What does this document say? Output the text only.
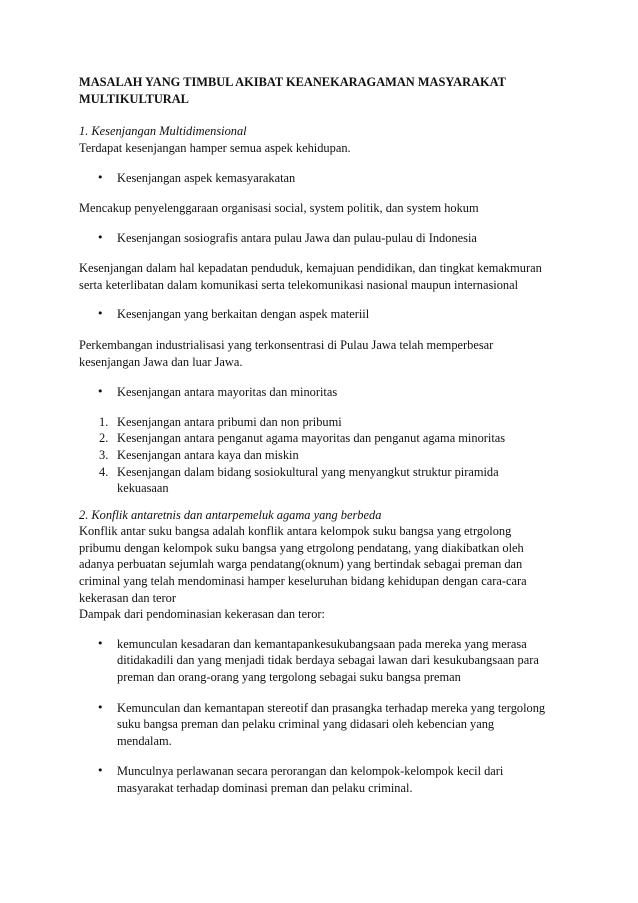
MASALAH YANG TIMBUL AKIBAT KEANEKARAGAMAN MASYARAKAT
MULTIKULTURAL

1. Kesenjangan Multidimensional

Terdapat kesenjangan hamper semua aspek kehidupan.

• Kesenjangan aspek kemasyarakatan

Mencakup penyelenggaraan organisasi social, system politik, dan system hokum

• Kesenjangan sosiografis antara pulau Jawa dan pulau-pulau di Indonesia

Kesenjangan dalam hal kepadatan penduduk, kemajuan pendidikan, dan tingkat kemakmuran
serta keterlibatan dalam komunikasi serta telekomunikasi nasional maupun internasional

• Kesenjangan yang berkaitan dengan aspek materiil

Perkembangan industrialisasi yang terkonsentrasi di Pulau Jawa telah memperbesar
kesenjangan Jawa dan luar Jawa.

• Kesenjangan antara mayoritas dan minoritas
1. Kesenjangan antara pribumi dan non pribumi
2. Kesenjangan antara penganut agama mayoritas dan penganut agama minoritas
3. Kesenjangan antara kaya dan miskin
4. Kesenjangan dalam bidang sosiokultural yang menyangkut struktur piramida
kekuasaan

2. Konflik antaretnis dan antarpemeluk agama yang berbeda

Konflik antar suku bangsa adalah konflik antara kelompok suku bangsa yang etrgolong
pribumu dengan kelompok suku bangsa yang etrgolong pendatang, yang diakibatkan oleh
adanya perbuatan sejumlah warga pendatang(oknum) yang bertindak sebagai preman dan
criminal yang telah mendominasi hamper keseluruhan bidang kehidupan dengan cara-cara
kekerasan dan teror
Dampak dari pendominasian kekerasan dan teror:

• kemunculan kesadaran dan kemantapankesukubangsaan pada mereka yang merasa
ditidakadili dan yang menjadi tidak berdaya sebagai lawan dari kesukubangsaan para
preman dan orang-orang yang tergolong sebagai suku bangsa preman
• Kemunculan dan kemantapan stereotif dan prasangka terhadap mereka yang tergolong
suku bangsa preman dan pelaku criminal yang didasari oleh kebencian yang
mendalam.
• Munculnya perlawanan secara perorangan dan kelompok-kelompok kecil dari
masyarakat terhadap dominasi preman dan pelaku criminal.
